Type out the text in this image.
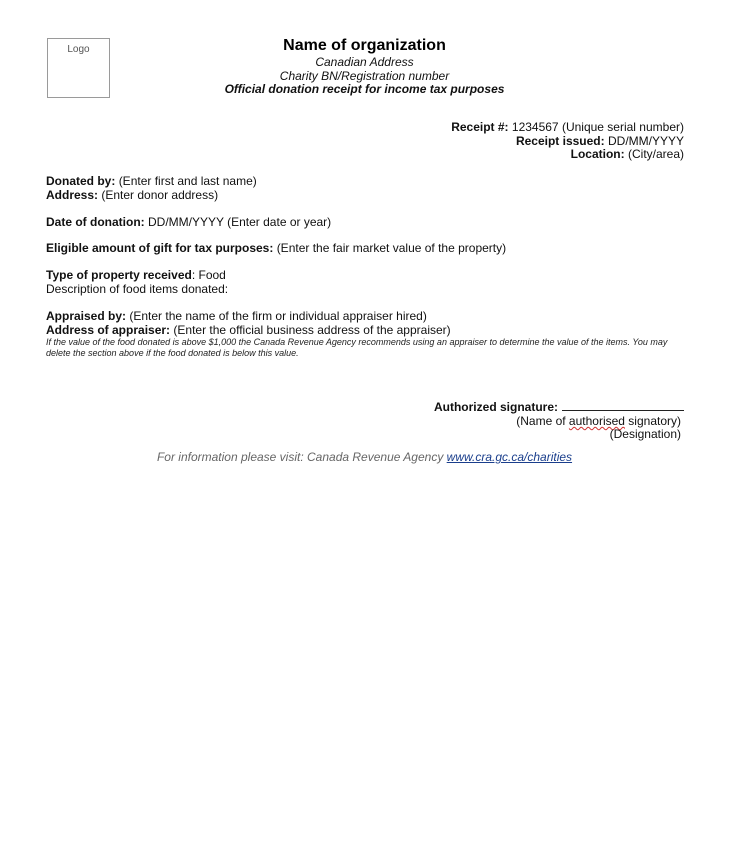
Logo	Name of organization
Canadian Address
Charity BN/Registration number
Official donation receipt for income tax purposes
Receipt #: 1234567 (Unique serial number)
Receipt issued: DD/MM/YYYY
Location: (City/area)
Donated by: (Enter first and last name)
Address: (Enter donor address)
Date of donation: DD/MM/YYYY (Enter date or year)
Eligible amount of gift for tax purposes: (Enter the fair market value of the property)
Type of property received: Food
Description of food items donated:
Appraised by: (Enter the name of the firm or individual appraiser hired)
Address of appraiser: (Enter the official business address of the appraiser)
If the value of the food donated is above $1,000 the Canada Revenue Agency recommends using an appraiser to determine the value of the items. You may delete the section above if the food donated is below this value.
Authorized signature:
(Name of authorised signatory)
(Designation)
For information please visit: Canada Revenue Agency www.cra.gc.ca/charities
